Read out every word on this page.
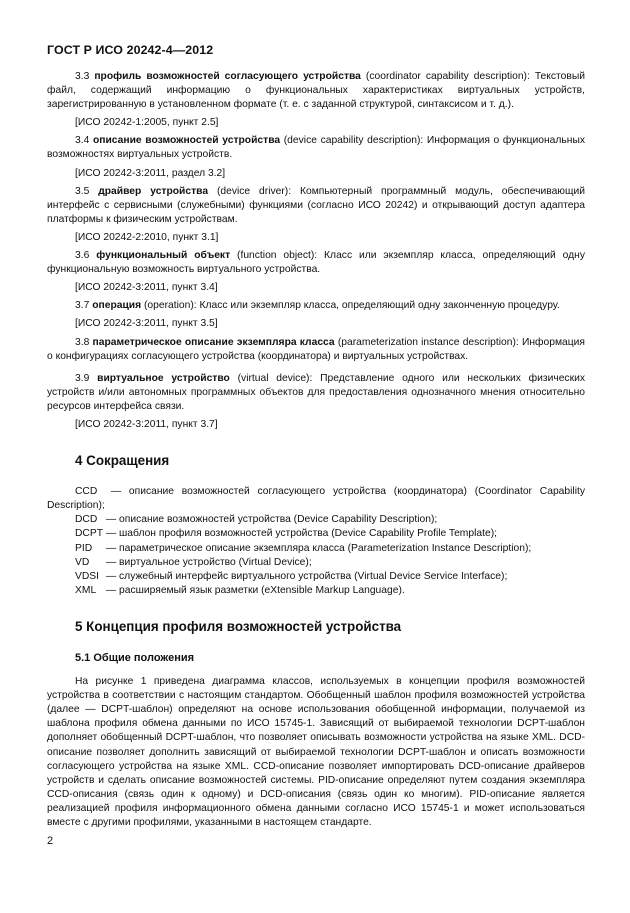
ГОСТ Р ИСО 20242-4—2012

3.3 профиль возможностей согласующего устройства (coordinator capability description): Текстовый файл, содержащий информацию о функциональных характеристиках виртуальных устройств, зарегистрированную в установленном формате (т. е. с заданной структурой, синтаксисом и т. д.).

[ИСО 20242-1:2005, пункт 2.5]

3.4 описание возможностей устройства (device capability description): Информация о функциональных возможностях виртуальных устройств.

[ИСО 20242-3:2011, раздел 3.2]

3.5 драйвер устройства (device driver): Компьютерный программный модуль, обеспечивающий интерфейс с сервисными (служебными) функциями (согласно ИСО 20242) и открывающий доступ адаптера платформы к физическим устройствам.

[ИСО 20242-2:2010, пункт 3.1]

3.6 функциональный объект (function object): Класс или экземпляр класса, определяющий одну функциональную возможность виртуального устройства.

[ИСО 20242-3:2011, пункт 3.4]

3.7 операция (operation): Класс или экземпляр класса, определяющий одну законченную процедуру.

[ИСО 20242-3:2011, пункт 3.5]

3.8 параметрическое описание экземпляра класса (parameterization instance description): Информация о конфигурациях согласующего устройства (координатора) и виртуальных устройствах.

3.9 виртуальное устройство (virtual device): Представление одного или нескольких физических устройств и/или автономных программных объектов для предоставления однозначного мнения относительно ресурсов интерфейса связи.

[ИСО 20242-3:2011, пункт 3.7]

4 Сокращения

CCD — описание возможностей согласующего устройства (координатора) (Coordinator Capability Description);

DCD — описание возможностей устройства (Device Capability Description);

DCPT — шаблон профиля возможностей устройства (Device Capability Profile Template);

PID — параметрическое описание экземпляра класса (Parameterization Instance Description);

VD — виртуальное устройство (Virtual Device);

VDSI — служебный интерфейс виртуального устройства (Virtual Device Service Interface);

XML — расширяемый язык разметки (eXtensible Markup Language).

5 Концепция профиля возможностей устройства
5.1 Общие положения

На рисунке 1 приведена диаграмма классов, используемых в концепции профиля возможностей устройства в соответствии с настоящим стандартом. Обобщенный шаблон профиля возможностей устройства (далее — DCPT-шаблон) определяют на основе использования обобщенной информации, получаемой из шаблона профиля обмена данными по ИСО 15745-1. Зависящий от выбираемой технологии DCPT-шаблон дополняет обобщенный DCPT-шаблон, что позволяет описывать возможности устройства на языке XML. DCD-описание позволяет дополнить зависящий от выбираемой технологии DCPT-шаблон и описать возможности согласующего устройства на языке XML. CCD-описание позволяет импортировать DCD-описание драйверов устройств и сделать описание возможностей системы. PID-описание определяют путем создания экземпляра CCD-описания (связь один к одному) и DCD-описания (связь один ко многим). PID-описание является реализацией профиля информационного обмена данными согласно ИСО 15745-1 и может использоваться вместе с другими профилями, указанными в настоящем стандарте.

2
